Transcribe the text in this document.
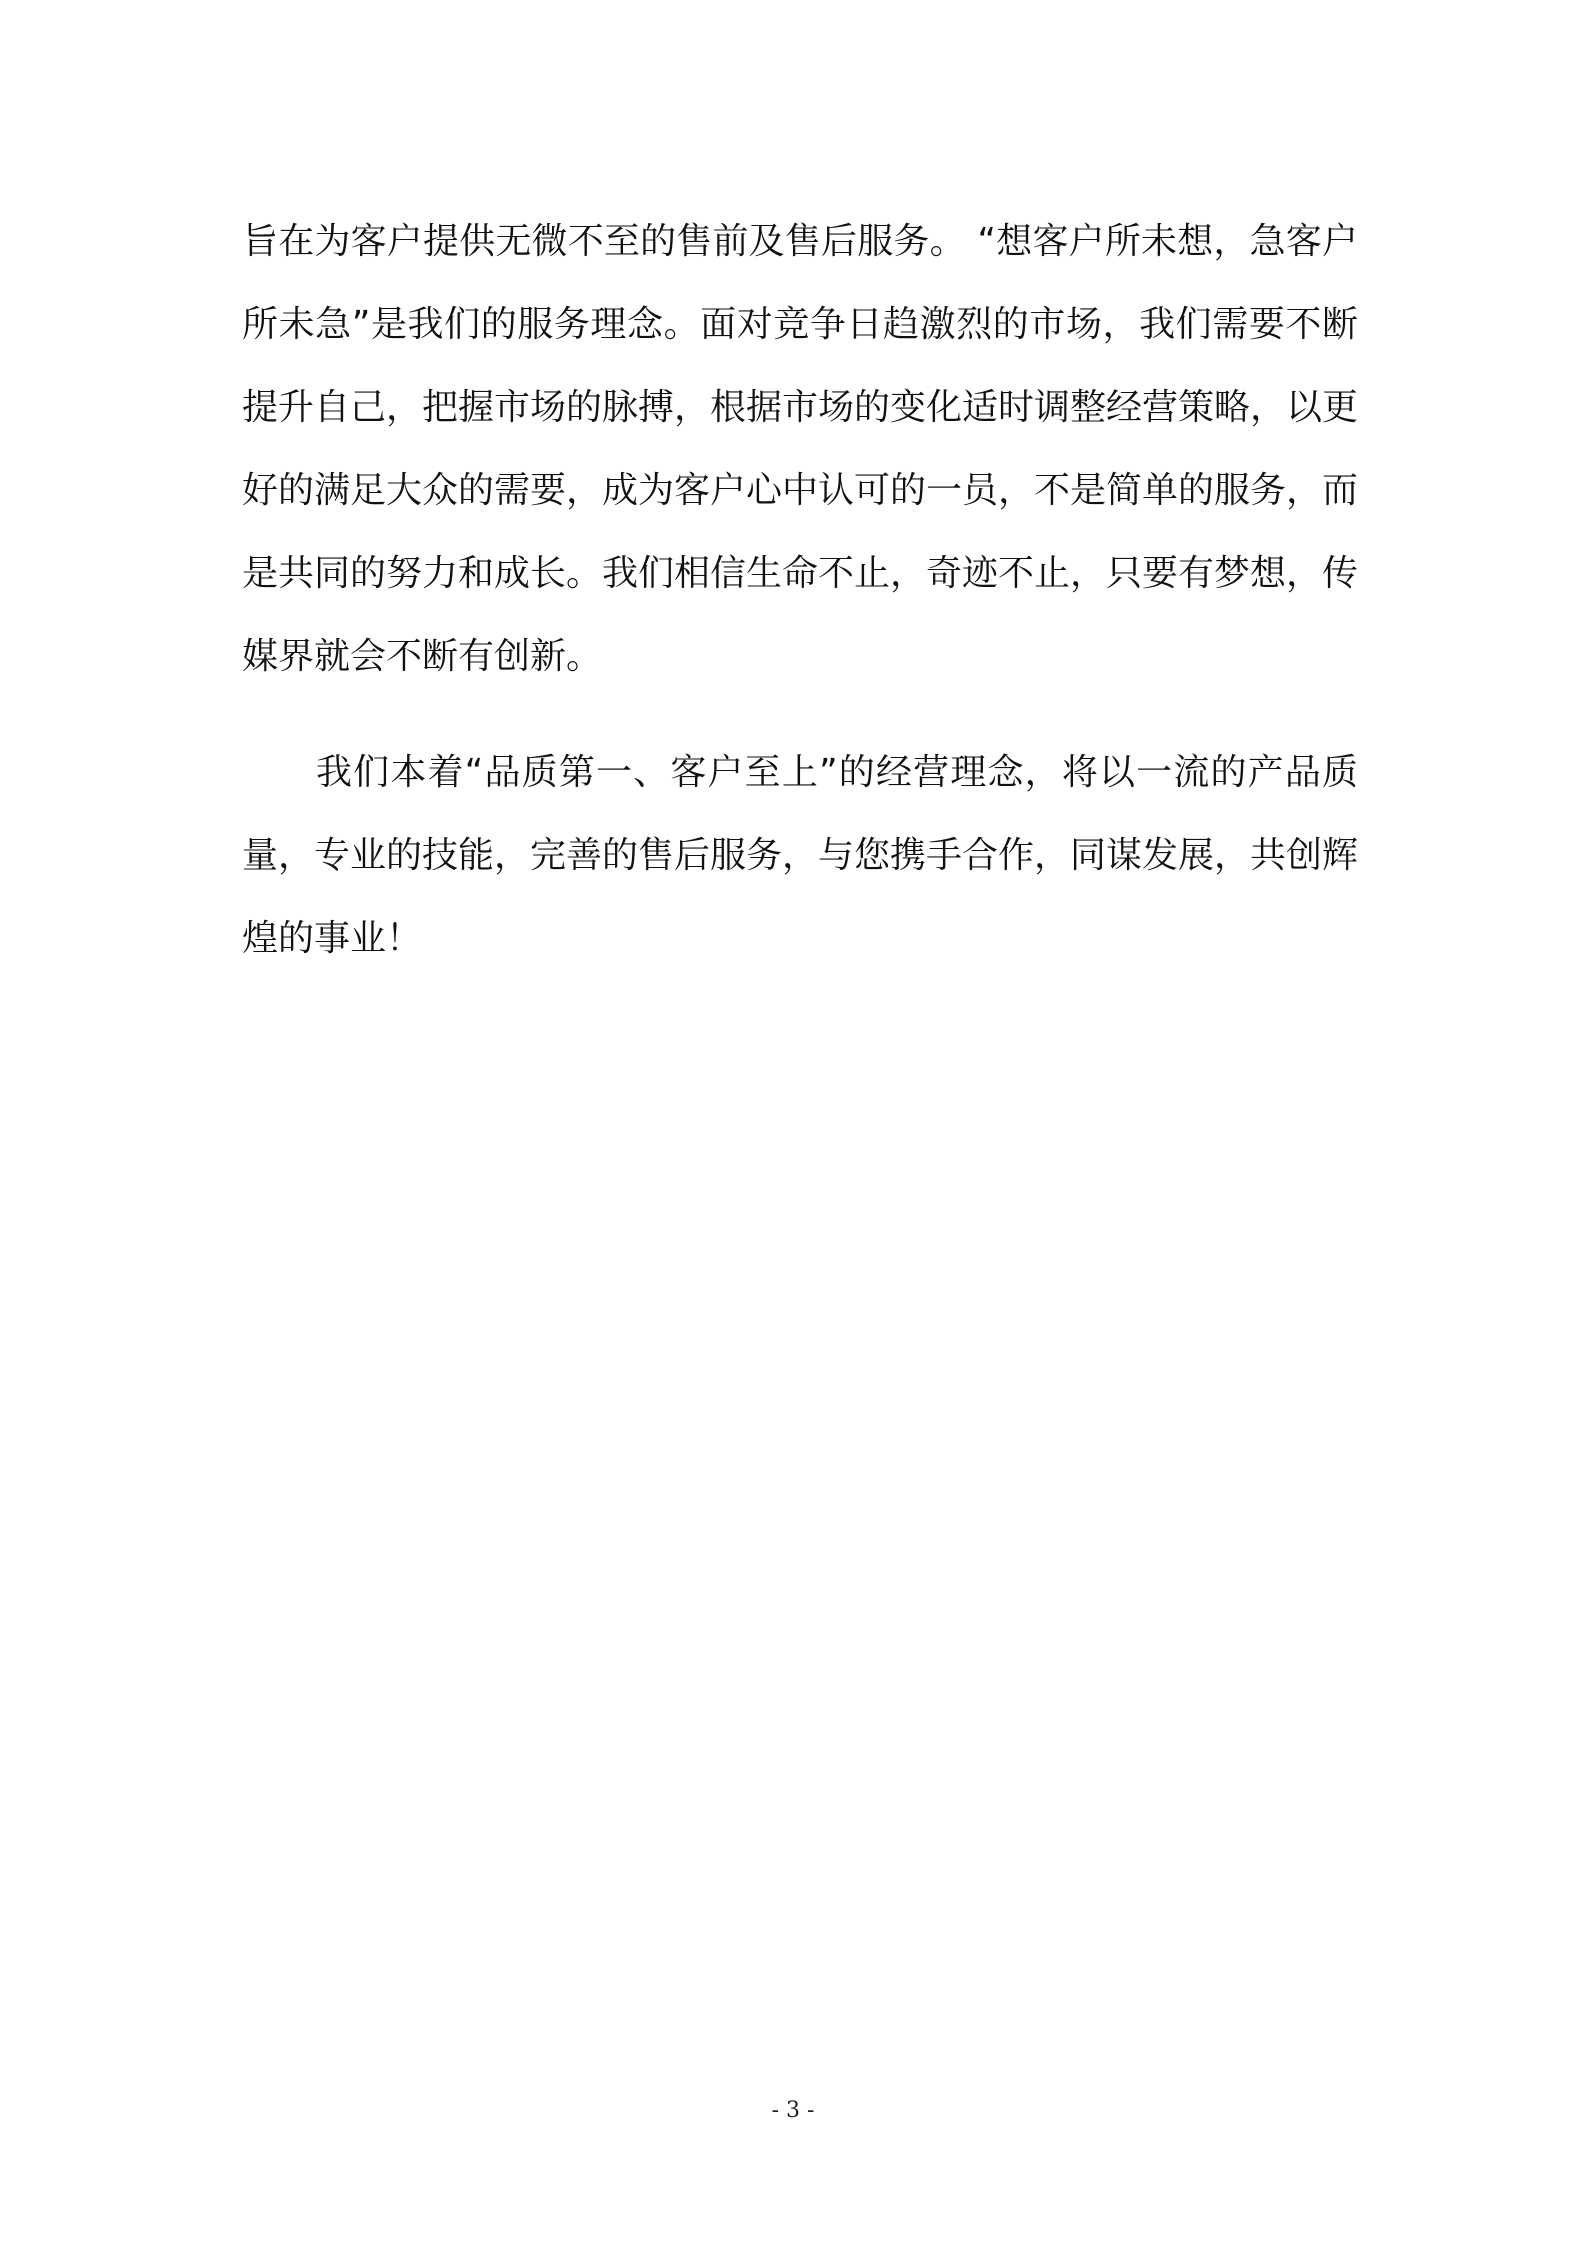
旨在为客户提供无微不至的售前及售后服务。 “想客户所未想，急客户所未急”是我们的服务理念。面对竞争日趋激烈的市场，我们需要不断提升自己，把握市场的脉搏，根据市场的变化适时调整经营策略，以更好的满足大众的需要，成为客户心中认可的一员，不是简单的服务，而是共同的努力和成长。我们相信生命不止，奇迹不止，只要有梦想，传媒界就会不断有创新。

我们本着“品质第一、客户至上”的经营理念，将以一流的产品质量，专业的技能，完善的售后服务，与您携手合作，同谋发展，共创辉煌的事业！

- 3 -
